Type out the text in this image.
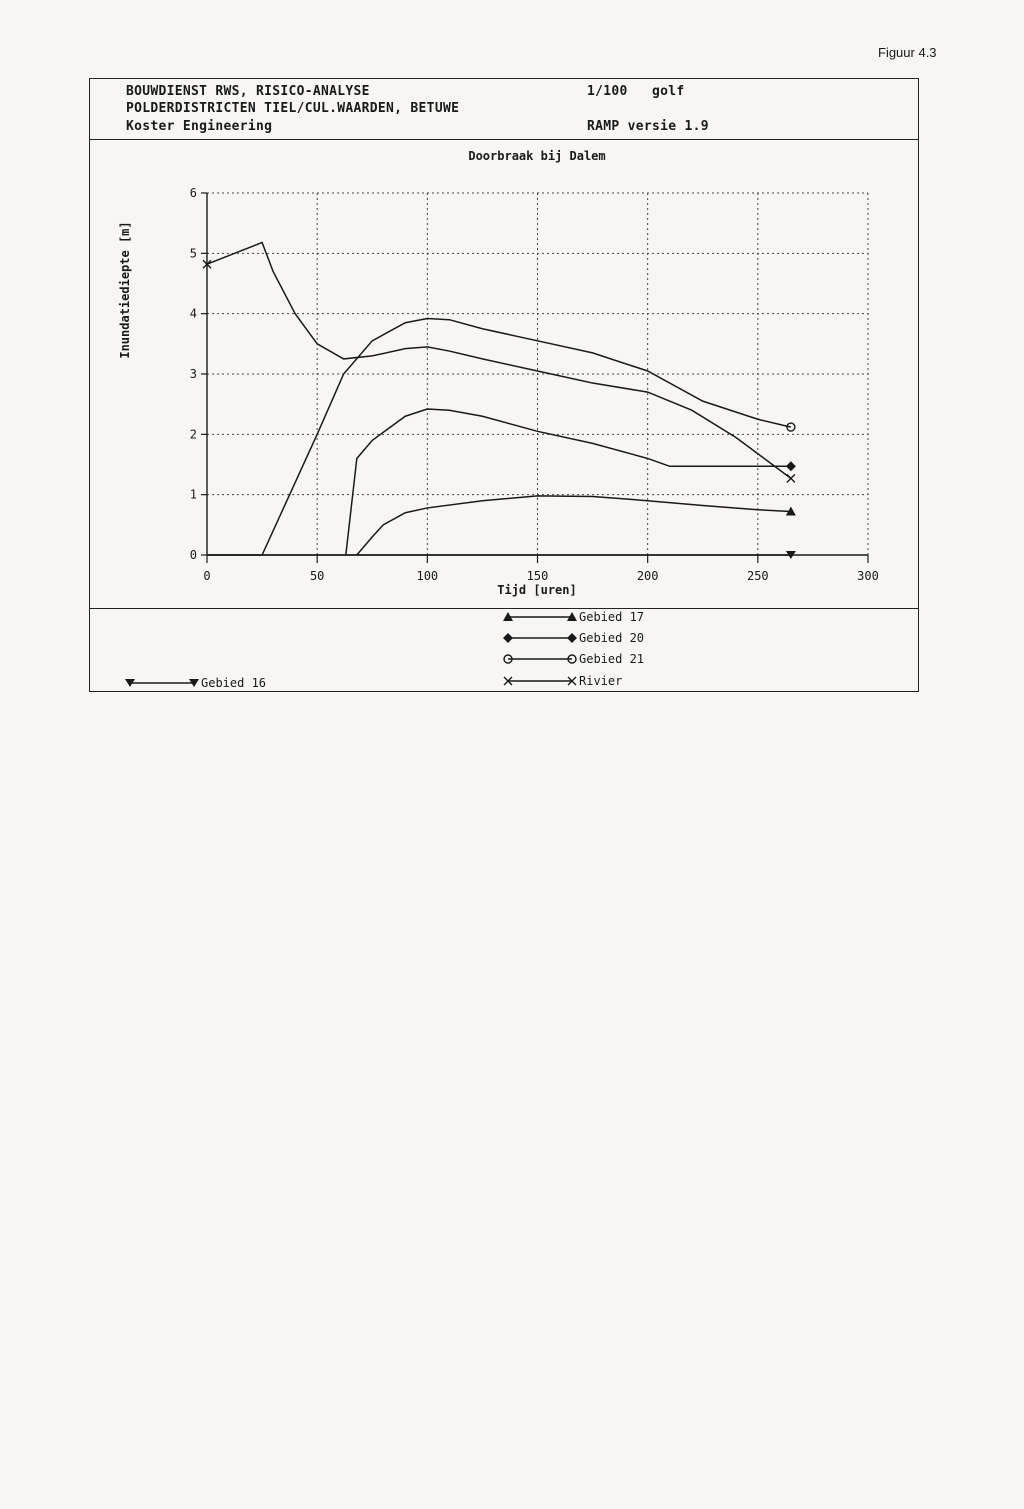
Figuur 4.3
BOUWDIENST RWS, RISICO-ANALYSE
POLDERDISTRICTEN TIEL/CUL.WAARDEN, BETUWE
Koster Engineering
1/100   golf
RAMP versie 1.9
Doorbraak bij Dalem
Inundatiediepte [m]
Tijd [uren]
0
1
2
3
4
5
6
0	50	100	150	200	250	300
Gebied 17
Gebied 20
Gebied 21
Rivier
Gebied 16
